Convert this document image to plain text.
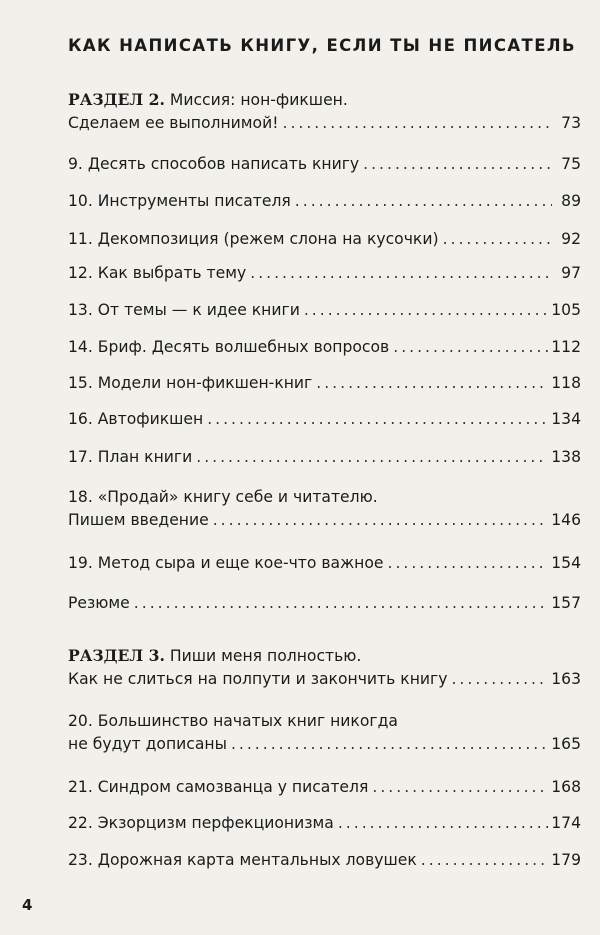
КАК НАПИСАТЬ КНИГУ, ЕСЛИ ТЫ НЕ ПИСАТЕЛЬ
РАЗДЕЛ 2.
Миссия: нон-фикшен.
Сделаем ее выполнимой! .....	73
9. Десять способов написать книгу .....	75
10. Инструменты писателя .....	89
11. Декомпозиция (режем слона на кусочки) .....	92
12. Как выбрать тему .....	97
13. От темы — к идее книги .....	105
14. Бриф. Десять волшебных вопросов .....	112
15. Модели нон-фикшен-книг .....	118
16. Автофикшен .....	134
17. План книги .....	138
18. «Продай» книгу себе и читателю.
Пишем введение .....	146
19. Метод сыра и еще кое-что важное .....	154
Резюме .....	157
РАЗДЕЛ 3.
Пиши меня полностью.
Как не слиться на полпути и закончить книгу .....	163
20. Большинство начатых книг никогда
не будут дописаны .....	165
21. Синдром самозванца у писателя .....	168
22. Экзорцизм перфекционизма .....	174
23. Дорожная карта ментальных ловушек .....	179
4
